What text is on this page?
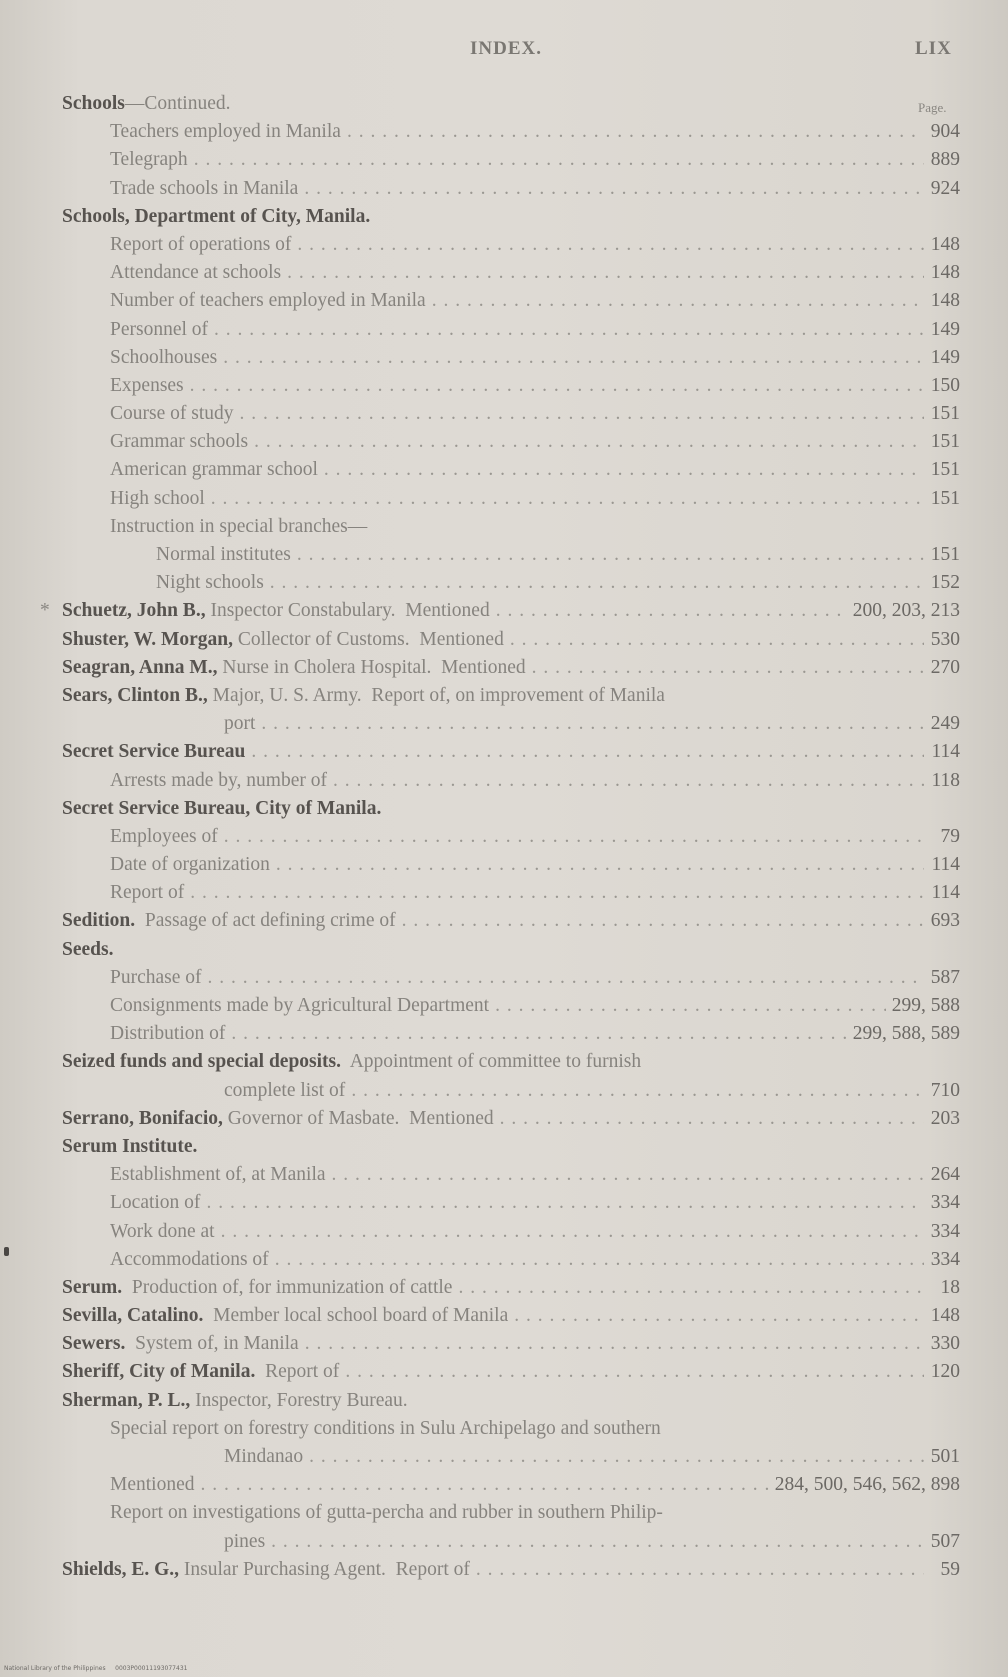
INDEX.	LIX
Page.
Schools—Continued.
Teachers employed in Manila . . .	904
Telegraph . . .	889
Trade schools in Manila . . .	924
Schools, Department of City, Manila.
Report of operations of . . .	148
Attendance at schools . . .	148
Number of teachers employed in Manila . . .	148
Personnel of . . .	149
Schoolhouses . . .	149
Expenses . . .	150
Course of study . . .	151
Grammar schools . . .	151
American grammar school . . .	151
High school . . .	151
Instruction in special branches—
Normal institutes . . .	151
Night schools . . .	152
* Schuetz, John B., Inspector Constabulary.  Mentioned . . .	200, 203, 213
Shuster, W. Morgan, Collector of Customs.  Mentioned . . .	530
Seagran, Anna M., Nurse in Cholera Hospital.  Mentioned . . .	270
Sears, Clinton B., Major, U. S. Army.  Report of, on improvement of Manila
port . . .	249
Secret Service Bureau . . .	114
Arrests made by, number of . . .	118
Secret Service Bureau, City of Manila.
Employees of . . .	79
Date of organization . . .	114
Report of . . .	114
Sedition.  Passage of act defining crime of . . .	693
Seeds.
Purchase of . . .	587
Consignments made by Agricultural Department . . .	299, 588
Distribution of . . .	299, 588, 589
Seized funds and special deposits.  Appointment of committee to furnish
complete list of . . .	710
Serrano, Bonifacio, Governor of Masbate.  Mentioned . . .	203
Serum Institute.
Establishment of, at Manila . . .	264
Location of . . .	334
Work done at . . .	334
Accommodations of . . .	334
Serum.  Production of, for immunization of cattle . . .	18
Sevilla, Catalino.  Member local school board of Manila . . .	148
Sewers.  System of, in Manila . . .	330
Sheriff, City of Manila.  Report of . . .	120
Sherman, P. L., Inspector, Forestry Bureau.
Special report on forestry conditions in Sulu Archipelago and southern
Mindanao . . .	501
Mentioned . . .	284, 500, 546, 562, 898
Report on investigations of gutta-percha and rubber in southern Philip-
pines . . .	507
Shields, E. G., Insular Purchasing Agent.  Report of . . .	59
National Library of the Philippines 0003P00011193077431
